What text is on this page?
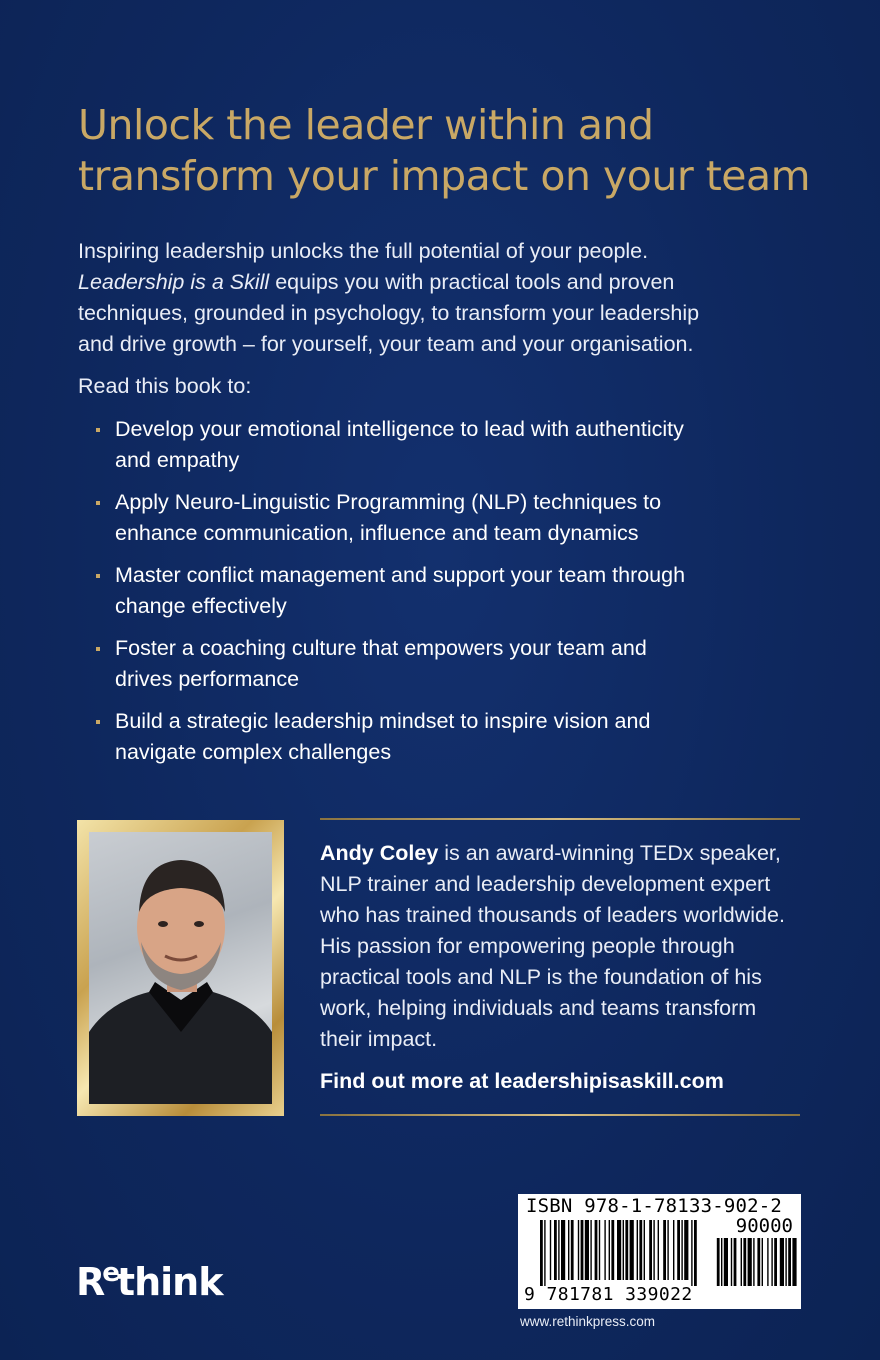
Unlock the leader within and
transform your impact on your team
Inspiring leadership unlocks the full potential of your people.
Leadership is a Skill equips you with practical tools and proven
techniques, grounded in psychology, to transform your leadership
and drive growth – for yourself, your team and your organisation.
Read this book to:
Develop your emotional intelligence to lead with authenticity
and empathy
Apply Neuro-Linguistic Programming (NLP) techniques to
enhance communication, influence and team dynamics
Master conflict management and support your team through
change effectively
Foster a coaching culture that empowers your team and
drives performance
Build a strategic leadership mindset to inspire vision and
navigate complex challenges
Andy Coley is an award-winning TEDx speaker,
NLP trainer and leadership development expert
who has trained thousands of leaders worldwide.
His passion for empowering people through
practical tools and NLP is the foundation of his
work, helping individuals and teams transform
their impact.
Find out more at leadershipisaskill.com
$R^ethink$
ISBN 978-1-78133-902-2
90000
9 781781 339022
www.rethinkpress.com
